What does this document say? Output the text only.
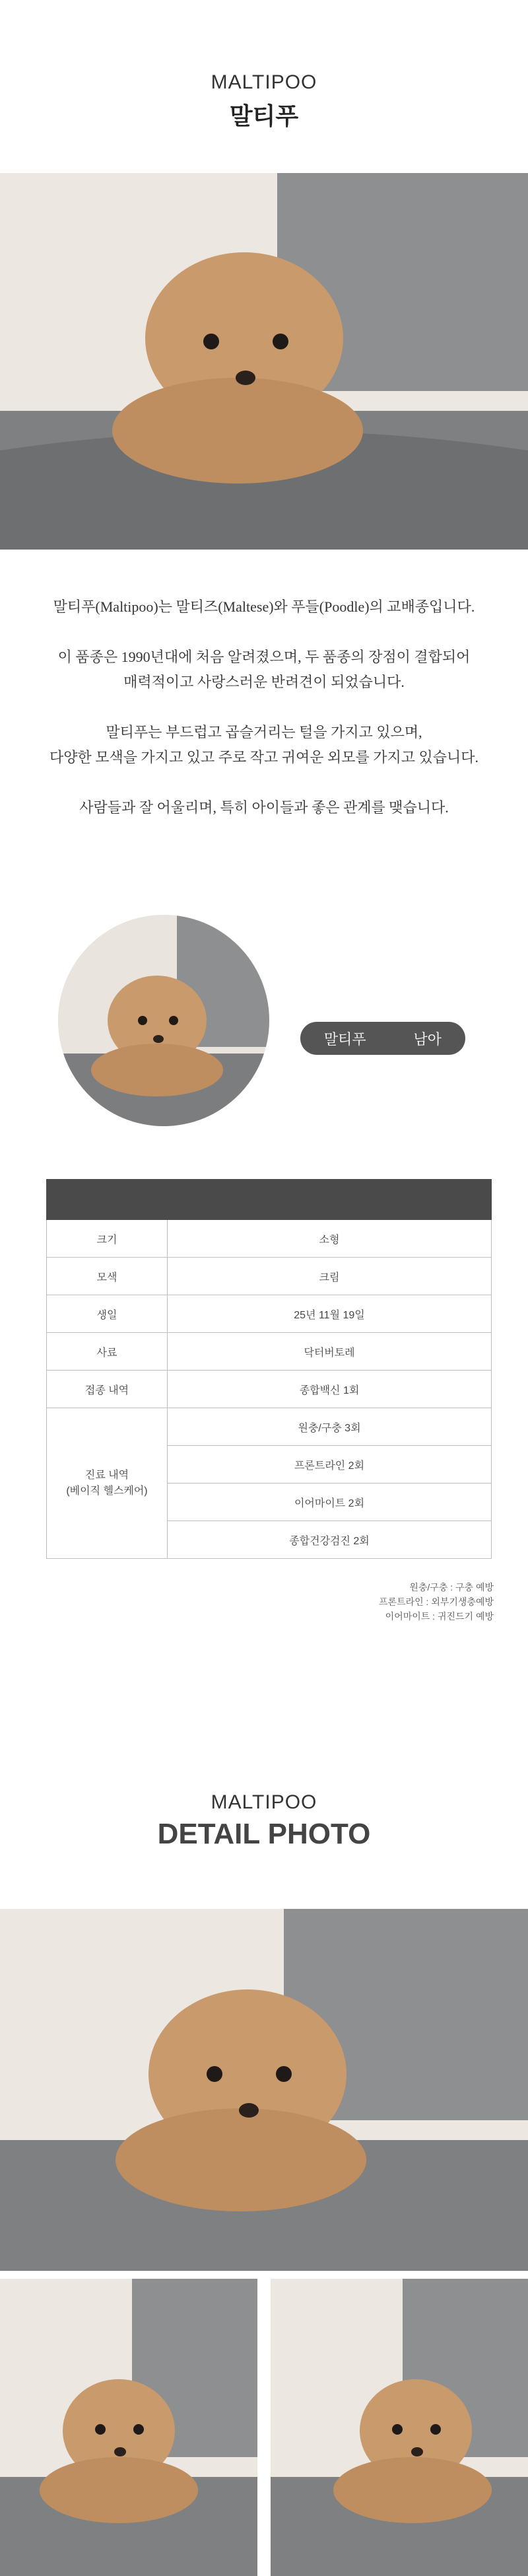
MALTIPOO
말티푸
말티푸(Maltipoo)는 말티즈(Maltese)와 푸들(Poodle)의 교배종입니다.
이 품종은 1990년대에 처음 알려졌으며, 두 품종의 장점이 결합되어
매력적이고 사랑스러운 반려견이 되었습니다.
말티푸는 부드럽고 곱슬거리는 털을 가지고 있으며,
다양한 모색을 가지고 있고 주로 작고 귀여운 외모를 가지고 있습니다.
사람들과 잘 어울리며, 특히 아이들과 좋은 관계를 맺습니다.
말티푸	남아

크기	소형
모색	크림
생일	25년 11월 19일
사료	닥터버토레
접종 내역	종합백신 1회

진료 내역
(베이직 헬스케어)	원충/구충 3회
	프론트라인 2회
	이어마이트 2회
	종합건강검진 2회
원충/구충 : 구충 예방
프론트라인 : 외부기생충예방
이어마이트 : 귀진드기 예방
MALTIPOO
DETAIL PHOTO
